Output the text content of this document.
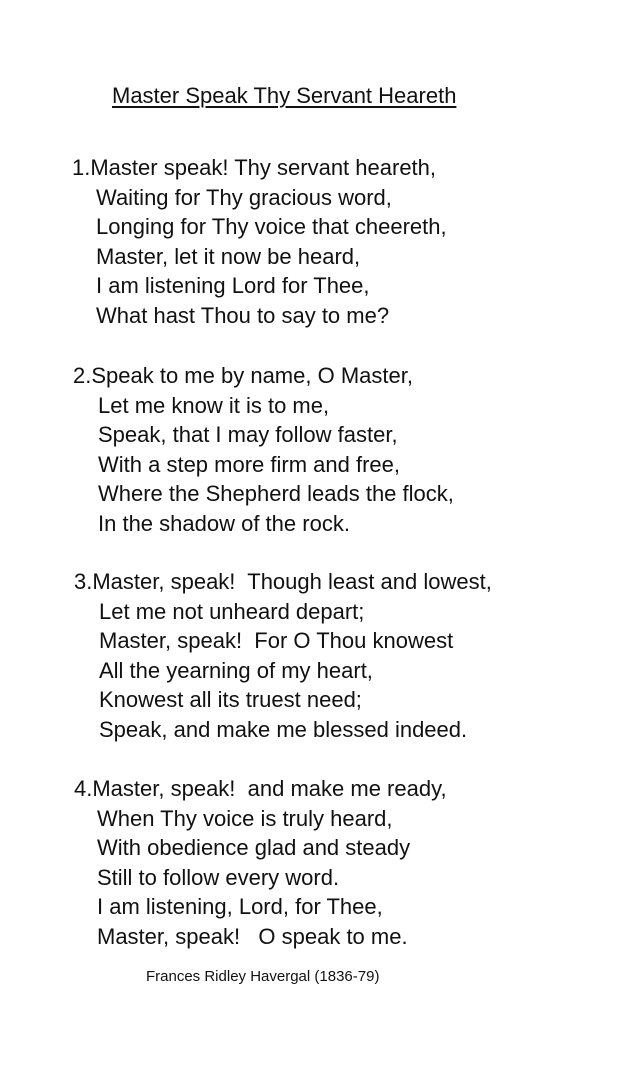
Master Speak Thy Servant Heareth
1.Master speak! Thy servant heareth,
Waiting for Thy gracious word,
Longing for Thy voice that cheereth,
Master, let it now be heard,
I am listening Lord for Thee,
What hast Thou to say to me?
2.Speak to me by name, O Master,
Let me know it is to me,
Speak, that I may follow faster,
With a step more firm and free,
Where the Shepherd leads the flock,
In the shadow of the rock.
3.Master, speak!  Though least and lowest,
Let me not unheard depart;
Master, speak!  For O Thou knowest
All the yearning of my heart,
Knowest all its truest need;
Speak, and make me blessed indeed.
4.Master, speak!  and make me ready,
When Thy voice is truly heard,
With obedience glad and steady
Still to follow every word.
I am listening, Lord, for Thee,
Master, speak!   O speak to me.
Frances Ridley Havergal (1836-79)
